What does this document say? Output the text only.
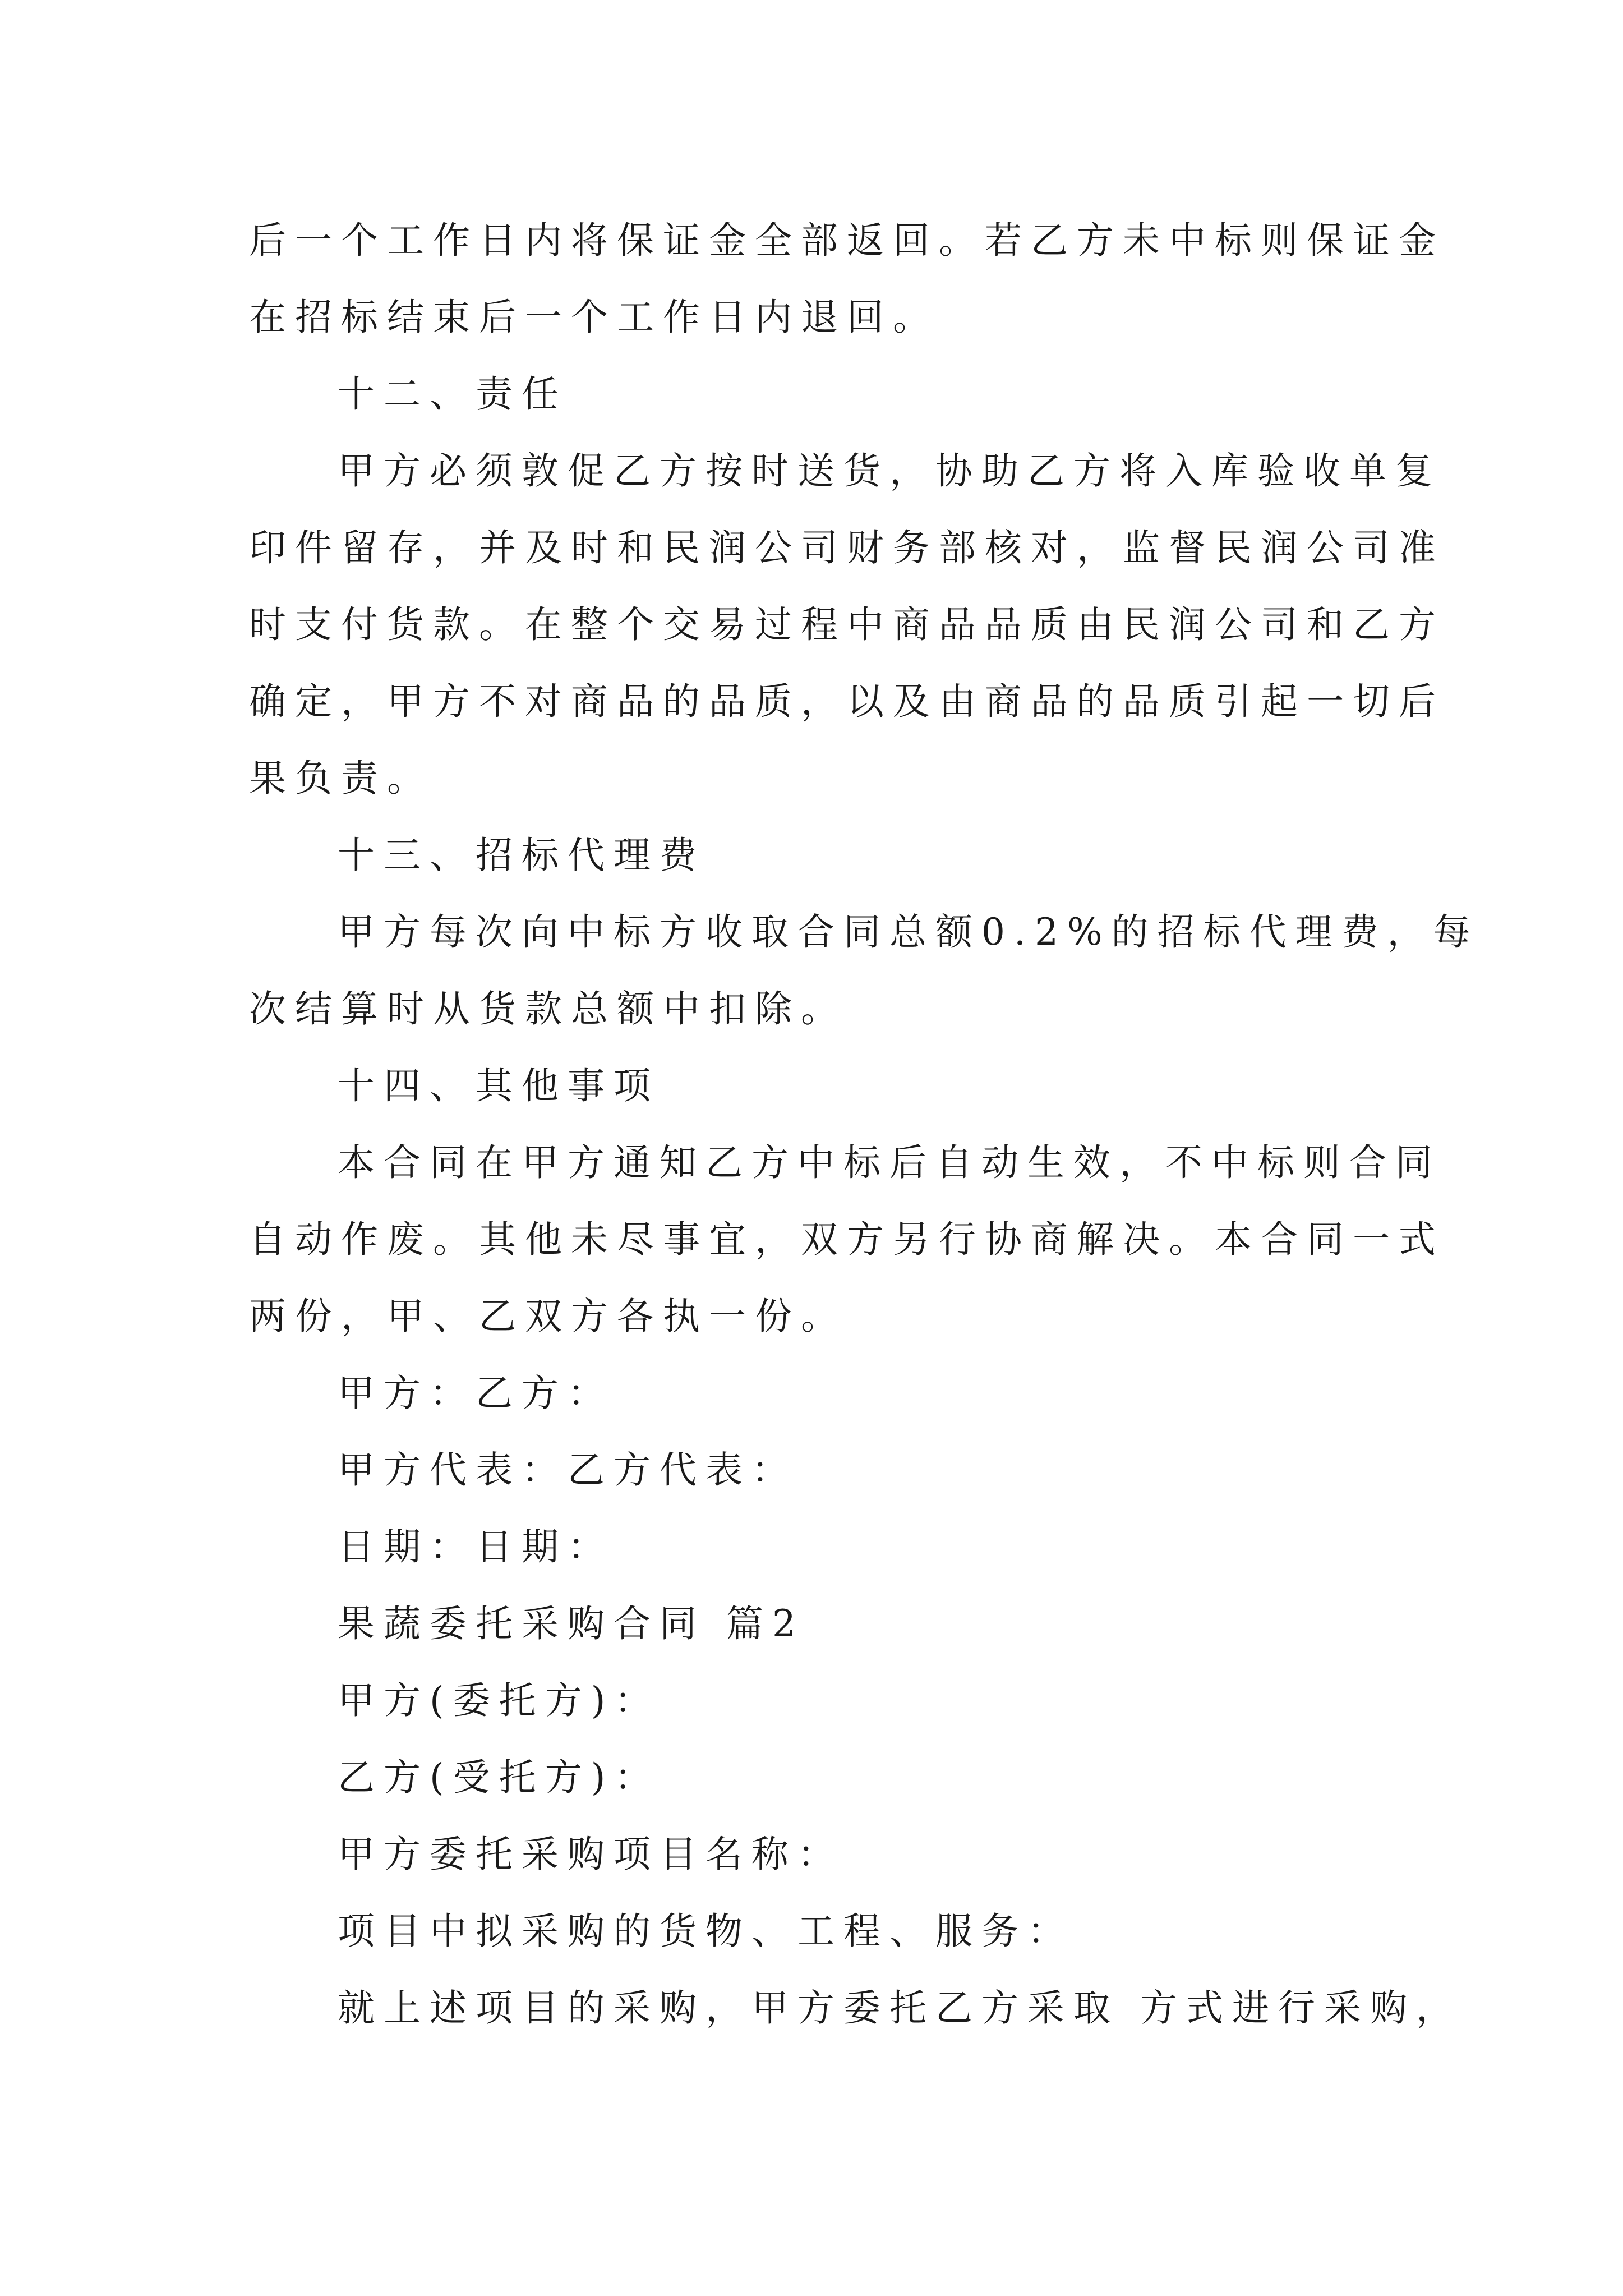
后一个工作日内将保证金全部返回。若乙方未中标则保证金
在招标结束后一个工作日内退回。
十二、责任
甲方必须敦促乙方按时送货，协助乙方将入库验收单复
印件留存，并及时和民润公司财务部核对，监督民润公司准
时支付货款。在整个交易过程中商品品质由民润公司和乙方
确定，甲方不对商品的品质，以及由商品的品质引起一切后
果负责。
十三、招标代理费
甲方每次向中标方收取合同总额0.2%的招标代理费，每
次结算时从货款总额中扣除。
十四、其他事项
本合同在甲方通知乙方中标后自动生效，不中标则合同
自动作废。其他未尽事宜，双方另行协商解决。本合同一式
两份，甲、乙双方各执一份。
甲方：乙方：
甲方代表：乙方代表：
日期：日期：
果蔬委托采购合同 篇2
甲方(委托方)：
乙方(受托方)：
甲方委托采购项目名称：
项目中拟采购的货物、工程、服务：
就上述项目的采购，甲方委托乙方采取 方式进行采购，
